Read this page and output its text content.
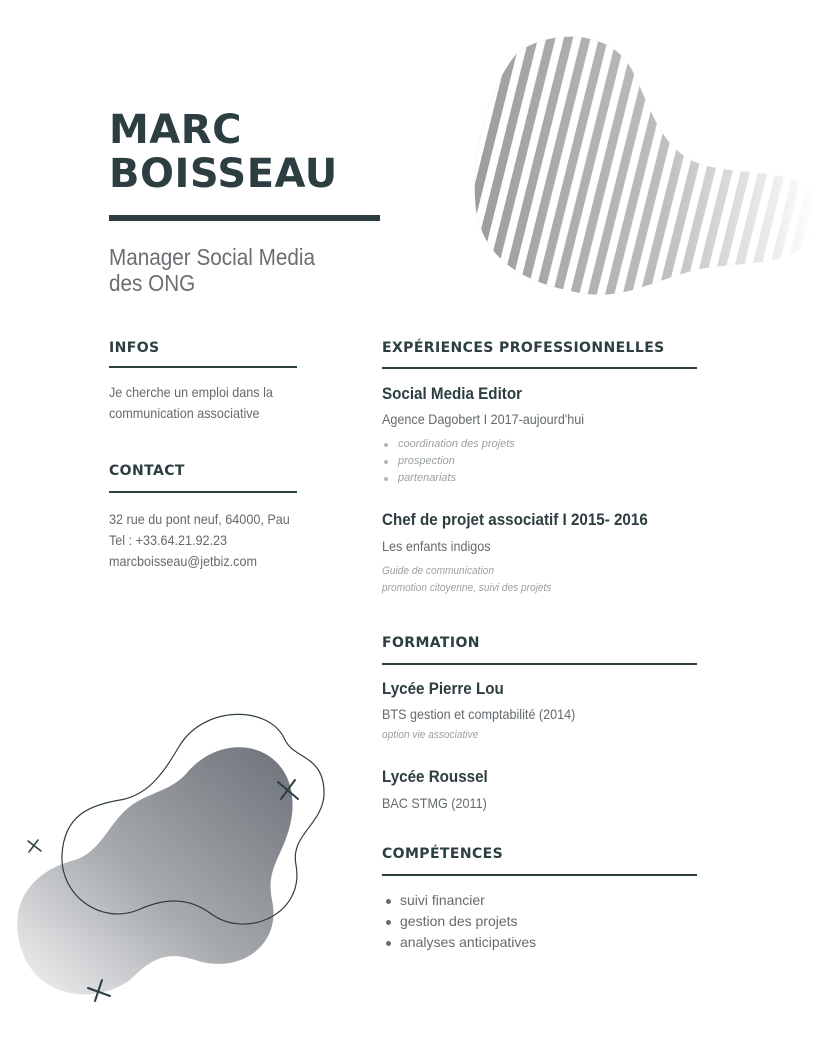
MARC
BOISSEAU
Manager Social Media
des ONG
INFOS
Je cherche un emploi dans la
communication associative
CONTACT
32 rue du pont neuf, 64000, Pau
Tel : +33.64.21.92.23
marcboisseau@jetbiz.com
EXPÉRIENCES PROFESSIONNELLES
Social Media Editor
Agence Dagobert I 2017-aujourd'hui
coordination des projets
prospection
partenariats
Chef de projet associatif I 2015- 2016
Les enfants indigos
Guide de communication
promotion citoyenne, suivi des projets
FORMATION
Lycée Pierre Lou
BTS gestion et comptabilité (2014)
option vie associative
Lycée Roussel
BAC STMG (2011)
COMPÉTENCES
suivi financier
gestion des projets
analyses anticipatives
